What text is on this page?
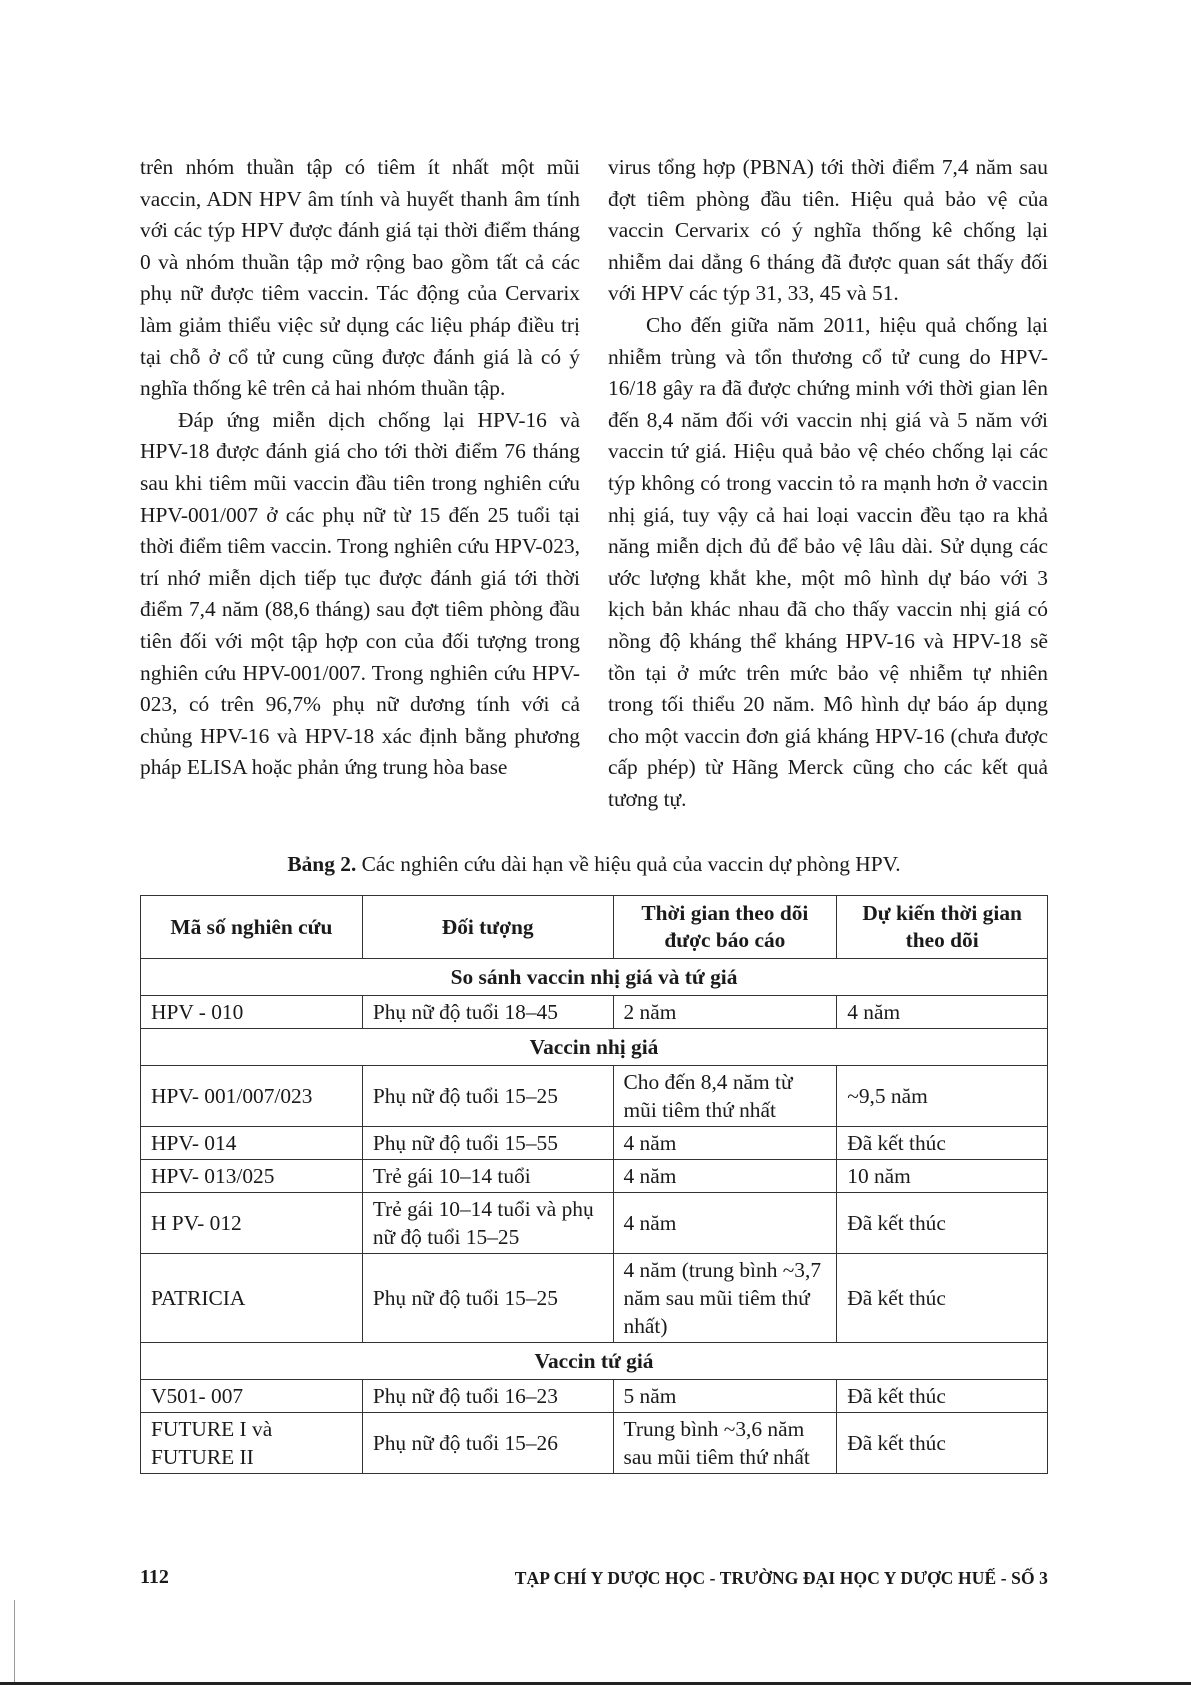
trên nhóm thuần tập có tiêm ít nhất một mũi vaccin, ADN HPV âm tính và huyết thanh âm tính với các týp HPV được đánh giá tại thời điểm tháng 0 và nhóm thuần tập mở rộng bao gồm tất cả các phụ nữ được tiêm vaccin. Tác động của Cervarix làm giảm thiểu việc sử dụng các liệu pháp điều trị tại chỗ ở cổ tử cung cũng được đánh giá là có ý nghĩa thống kê trên cả hai nhóm thuần tập.

Đáp ứng miễn dịch chống lại HPV-16 và HPV-18 được đánh giá cho tới thời điểm 76 tháng sau khi tiêm mũi vaccin đầu tiên trong nghiên cứu HPV-001/007 ở các phụ nữ từ 15 đến 25 tuổi tại thời điểm tiêm vaccin. Trong nghiên cứu HPV-023, trí nhớ miễn dịch tiếp tục được đánh giá tới thời điểm 7,4 năm (88,6 tháng) sau đợt tiêm phòng đầu tiên đối với một tập hợp con của đối tượng trong nghiên cứu HPV-001/007. Trong nghiên cứu HPV-023, có trên 96,7% phụ nữ dương tính với cả chủng HPV-16 và HPV-18 xác định bằng phương pháp ELISA hoặc phản ứng trung hòa base

virus tổng hợp (PBNA) tới thời điểm 7,4 năm sau đợt tiêm phòng đầu tiên. Hiệu quả bảo vệ của vaccin Cervarix có ý nghĩa thống kê chống lại nhiễm dai dẳng 6 tháng đã được quan sát thấy đối với HPV các týp 31, 33, 45 và 51.

Cho đến giữa năm 2011, hiệu quả chống lại nhiễm trùng và tổn thương cổ tử cung do HPV-16/18 gây ra đã được chứng minh với thời gian lên đến 8,4 năm đối với vaccin nhị giá và 5 năm với vaccin tứ giá. Hiệu quả bảo vệ chéo chống lại các týp không có trong vaccin tỏ ra mạnh hơn ở vaccin nhị giá, tuy vậy cả hai loại vaccin đều tạo ra khả năng miễn dịch đủ để bảo vệ lâu dài. Sử dụng các ước lượng khắt khe, một mô hình dự báo với 3 kịch bản khác nhau đã cho thấy vaccin nhị giá có nồng độ kháng thể kháng HPV-16 và HPV-18 sẽ tồn tại ở mức trên mức bảo vệ nhiễm tự nhiên trong tối thiểu 20 năm. Mô hình dự báo áp dụng cho một vaccin đơn giá kháng HPV-16 (chưa được cấp phép) từ Hãng Merck cũng cho các kết quả tương tự.

Bảng 2. Các nghiên cứu dài hạn về hiệu quả của vaccin dự phòng HPV.
Mã số nghiên cứu	Đối tượng	Thời gian theo dõi được báo cáo	Dự kiến thời gian theo dõi
So sánh vaccin nhị giá và tứ giá			
HPV - 010	Phụ nữ độ tuổi 18–45	2 năm	4 năm
Vaccin nhị giá			
HPV- 001/007/023	Phụ nữ độ tuổi 15–25	Cho đến 8,4 năm từ mũi tiêm thứ nhất	~9,5 năm
HPV- 014	Phụ nữ độ tuổi 15–55	4 năm	Đã kết thúc
HPV- 013/025	Trẻ gái 10–14 tuổi	4 năm	10 năm
H PV- 012	Trẻ gái 10–14 tuổi và phụ nữ độ tuổi 15–25	4 năm	Đã kết thúc
PATRICIA	Phụ nữ độ tuổi 15–25	4 năm (trung bình ~3,7 năm sau mũi tiêm thứ nhất)	Đã kết thúc
Vaccin tứ giá			
V501- 007	Phụ nữ độ tuổi 16–23	5 năm	Đã kết thúc
FUTURE I và FUTURE II	Phụ nữ độ tuổi 15–26	Trung bình ~3,6 năm sau mũi tiêm thứ nhất	Đã kết thúc
112	TẠP CHÍ Y DƯỢC HỌC - TRƯỜNG ĐẠI HỌC Y DƯỢC HUẾ - SỐ 3
